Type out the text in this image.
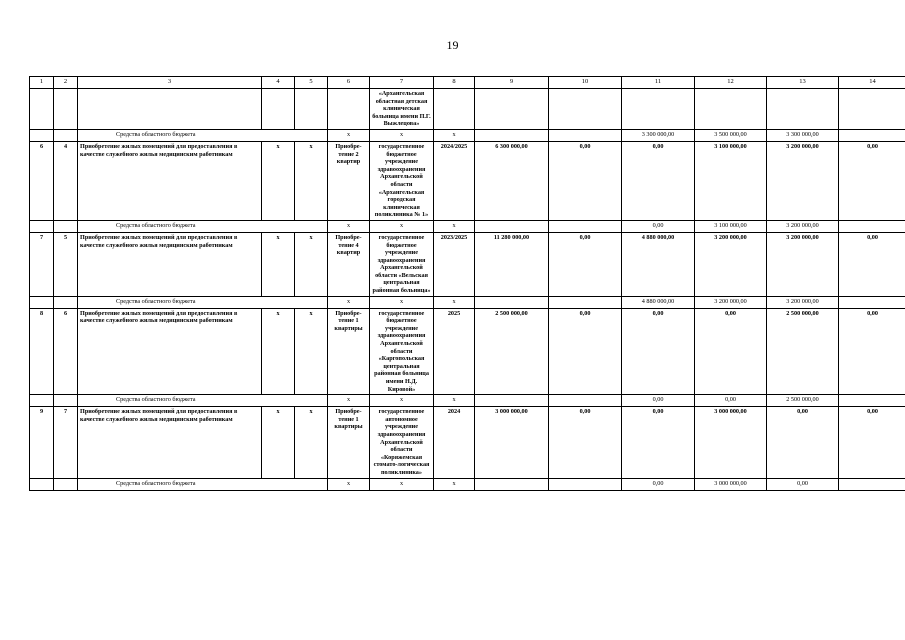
19
1	2	3	4	5	6	7	8	9	10	11	12	13	14
						«Архангельская областная детская клиническая больница имени П.Г. Выжлецова»							
		Средства областного бюджета			х	х	х			3 300 000,00	3 500 000,00	3 300 000,00	
6	4	Приобретение жилых помещений для предоставления в качестве служебного жилья медицинским работникам	х	х	Приобре-тение 2 квартир	государственное бюджетное учреждение здравоохранения Архангельской области «Архангельская городская клиническая поликлиника № 1»	2024/2025	6 300 000,00	0,00	0,00	3 100 000,00	3 200 000,00	0,00
		Средства областного бюджета			х	х	х			0,00	3 100 000,00	3 200 000,00	
7	5	Приобретение жилых помещений для предоставления в качестве служебного жилья медицинским работникам	х	х	Приобре-тение 4 квартир	государственное бюджетное учреждение здравоохранения Архангельской области «Вельская центральная районная больница»	2023/2025	11 280 000,00	0,00	4 880 000,00	3 200 000,00	3 200 000,00	0,00
		Средства областного бюджета			х	х	х			4 880 000,00	3 200 000,00	3 200 000,00	
8	6	Приобретение жилых помещений для предоставления в качестве служебного жилья медицинским работникам	х	х	Приобре-тение 1 квартиры	государственное бюджетное учреждение здравоохранения Архангельской области «Каргопольская центральная районная больница имени Н.Д. Кировой»	2025	2 500 000,00	0,00	0,00	0,00	2 500 000,00	0,00
		Средства областного бюджета			х	х	х			0,00	0,00	2 500 000,00	
9	7	Приобретение жилых помещений для предоставления в качестве служебного жилья медицинским работникам	х	х	Приобре-тение 1 квартиры	государственное автономное учреждение здравоохранения Архангельской области «Коряжемская стомато-логическая поликлиника»	2024	3 000 000,00	0,00	0,00	3 000 000,00	0,00	0,00
		Средства областного бюджета			х	х	х			0,00	3 000 000,00	0,00	
